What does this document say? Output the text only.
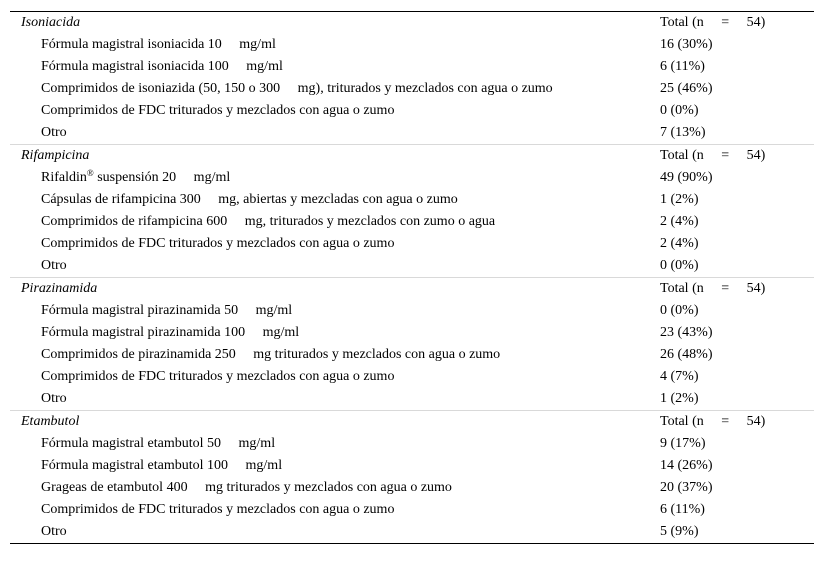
Isoniacida	Total (n     =     54)
Fórmula magistral isoniacida 10     mg/ml	16 (30%)
Fórmula magistral isoniacida 100     mg/ml	6 (11%)
Comprimidos de isoniazida (50, 150 o 300     mg), triturados y mezclados con agua o zumo	25 (46%)
Comprimidos de FDC triturados y mezclados con agua o zumo	0 (0%)
Otro	7 (13%)
Rifampicina	Total (n     =     54)
Rifaldin® suspensión 20     mg/ml	49 (90%)
Cápsulas de rifampicina 300     mg, abiertas y mezcladas con agua o zumo	1 (2%)
Comprimidos de rifampicina 600     mg, triturados y mezclados con zumo o agua	2 (4%)
Comprimidos de FDC triturados y mezclados con agua o zumo	2 (4%)
Otro	0 (0%)
Pirazinamida	Total (n     =     54)
Fórmula magistral pirazinamida 50     mg/ml	0 (0%)
Fórmula magistral pirazinamida 100     mg/ml	23 (43%)
Comprimidos de pirazinamida 250     mg triturados y mezclados con agua o zumo	26 (48%)
Comprimidos de FDC triturados y mezclados con agua o zumo	4 (7%)
Otro	1 (2%)
Etambutol	Total (n     =     54)
Fórmula magistral etambutol 50     mg/ml	9 (17%)
Fórmula magistral etambutol 100     mg/ml	14 (26%)
Grageas de etambutol 400     mg triturados y mezclados con agua o zumo	20 (37%)
Comprimidos de FDC triturados y mezclados con agua o zumo	6 (11%)
Otro	5 (9%)
